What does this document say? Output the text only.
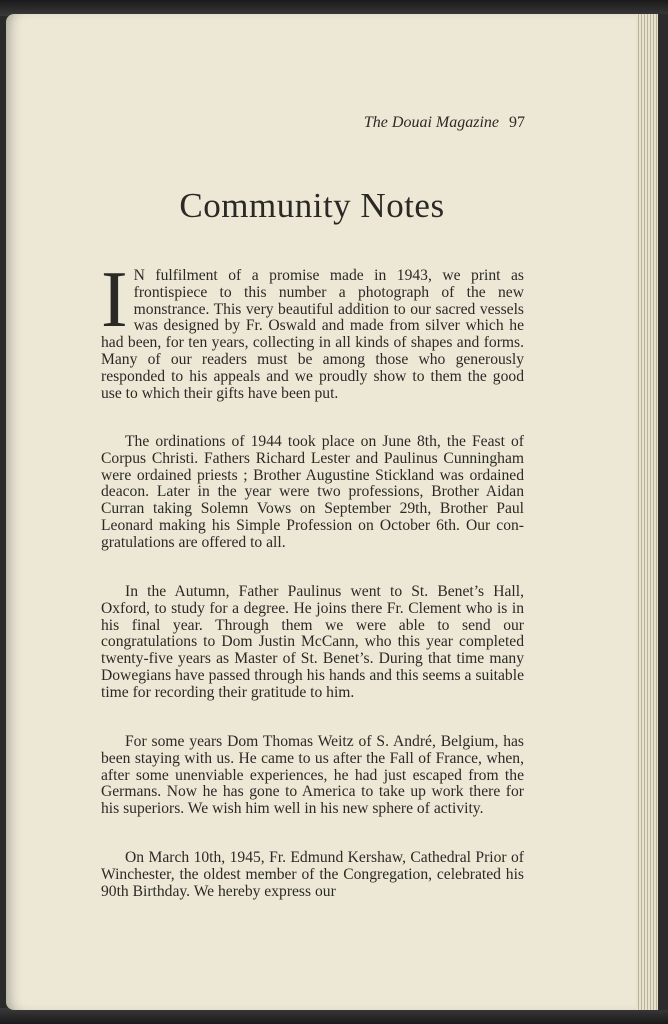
The Douai Magazine 97
Community Notes

I N fulfilment of a promise made in 1943, we print as frontispiece to this number a photograph of the new monstrance. This very beautiful addition to our sacred vessels was designed by Fr. Oswald and made from silver which he had been, for ten years, collecting in all kinds of shapes and forms. Many of our readers must be among those who generously responded to his appeals and we proudly show to them the good use to which their gifts have been put.

The ordinations of 1944 took place on June 8th, the Feast of Corpus Christi. Fathers Richard Lester and Paulinus Cunningham were ordained priests ; Brother Augustine Stickland was ordained deacon. Later in the year were two professions, Brother Aidan Curran taking Solemn Vows on September 29th, Brother Paul Leonard making his Simple Profession on October 6th. Our congratulations are offered to all.

In the Autumn, Father Paulinus went to St. Benet’s Hall, Oxford, to study for a degree. He joins there Fr. Clement who is in his final year. Through them we were able to send our congratulations to Dom Justin McCann, who this year completed twenty-five years as Master of St. Benet’s. During that time many Dowegians have passed through his hands and this seems a suitable time for recording their gratitude to him.

For some years Dom Thomas Weitz of S. André, Belgium, has been staying with us. He came to us after the Fall of France, when, after some unenviable experiences, he had just escaped from the Germans. Now he has gone to America to take up work there for his superiors. We wish him well in his new sphere of activity.

On March 10th, 1945, Fr. Edmund Kershaw, Cathedral Prior of Winchester, the oldest member of the Congregation, celebrated his 90th Birthday. We hereby express our
